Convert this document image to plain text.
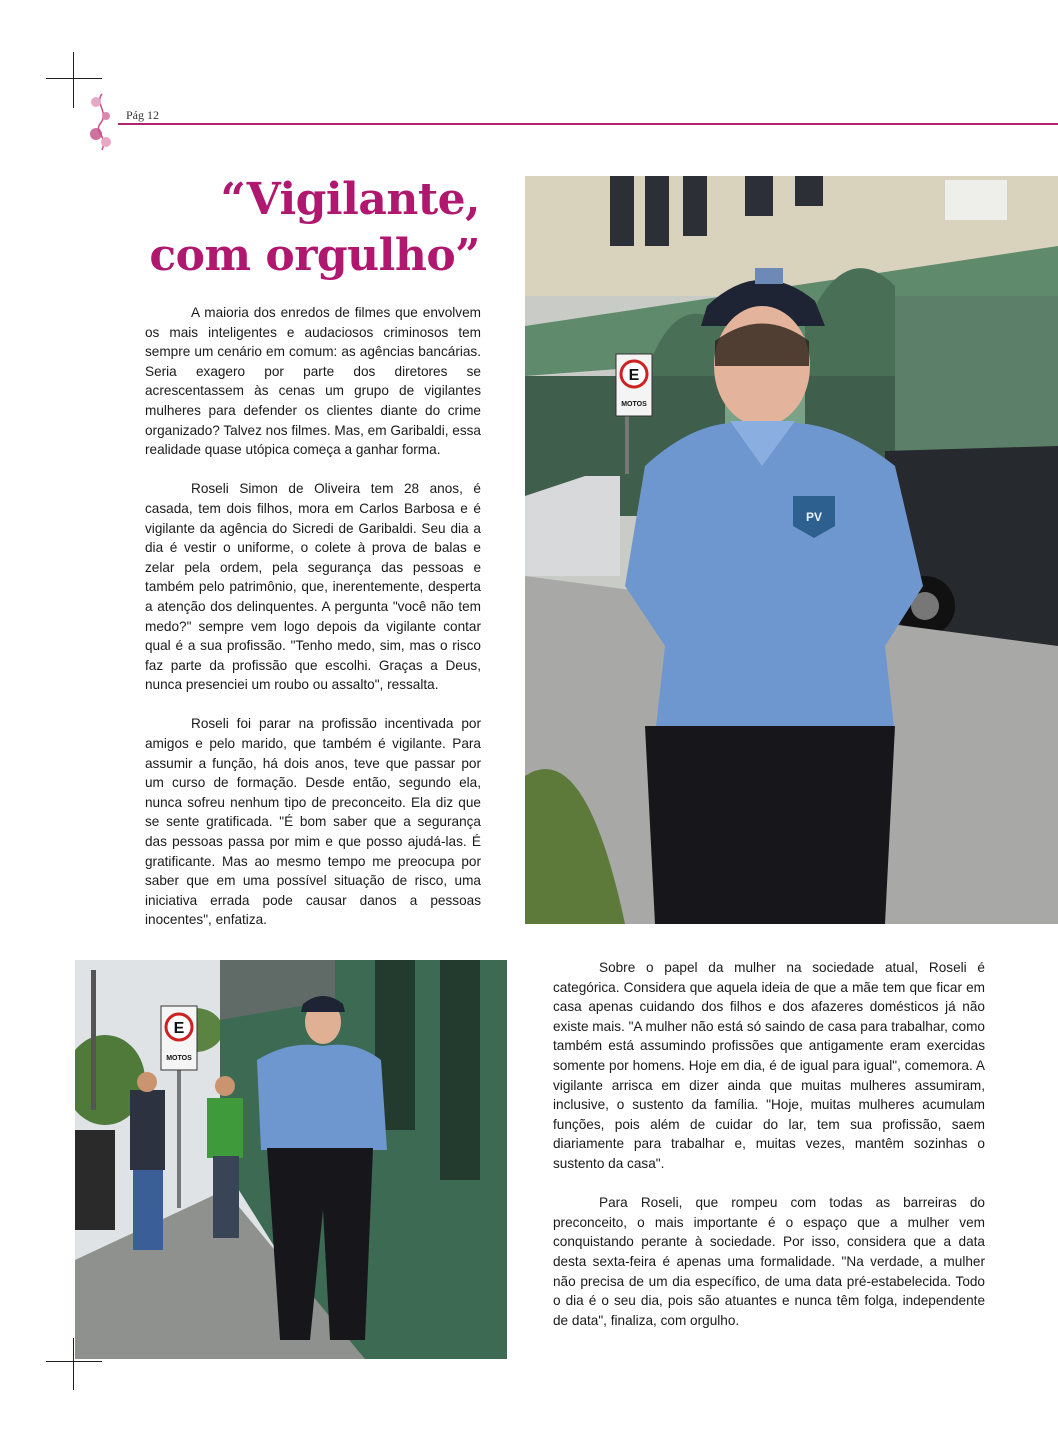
Pág 12
“Vigilante,
com orgulho”

A maioria dos enredos de filmes que envolvem os mais inteligentes e audaciosos criminosos tem sempre um cenário em comum: as agências bancárias. Seria exagero por parte dos diretores se acrescentassem às cenas um grupo de vigilantes mulheres para defender os clientes diante do crime organizado? Talvez nos filmes. Mas, em Garibaldi, essa realidade quase utópica começa a ganhar forma.

Roseli Simon de Oliveira tem 28 anos, é casada, tem dois filhos, mora em Carlos Barbosa e é vigilante da agência do Sicredi de Garibaldi. Seu dia a dia é vestir o uniforme, o colete à prova de balas e zelar pela ordem, pela segurança das pessoas e também pelo patrimônio, que, inerentemente, desperta a atenção dos delinquentes. A pergunta "você não tem medo?" sempre vem logo depois da vigilante contar qual é a sua profissão. "Tenho medo, sim, mas o risco faz parte da profissão que escolhi. Graças a Deus, nunca presenciei um roubo ou assalto", ressalta.

Roseli foi parar na profissão incentivada por amigos e pelo marido, que também é vigilante. Para assumir a função, há dois anos, teve que passar por um curso de formação. Desde então, segundo ela, nunca sofreu nenhum tipo de preconceito. Ela diz que se sente gratificada. "É bom saber que a segurança das pessoas passa por mim e que posso ajudá-las. É gratificante. Mas ao mesmo tempo me preocupa por saber que em uma possível situação de risco, uma iniciativa errada pode causar danos a pessoas inocentes", enfatiza.

Sobre o papel da mulher na sociedade atual, Roseli é categórica. Considera que aquela ideia de que a mãe tem que ficar em casa apenas cuidando dos filhos e dos afazeres domésticos já não existe mais. "A mulher não está só saindo de casa para trabalhar, como também está assumindo profissões que antigamente eram exercidas somente por homens. Hoje em dia, é de igual para igual", comemora. A vigilante arrisca em dizer ainda que muitas mulheres assumiram, inclusive, o sustento da família. "Hoje, muitas mulheres acumulam funções, pois além de cuidar do lar, tem sua profissão, saem diariamente para trabalhar e, muitas vezes, mantêm sozinhas o sustento da casa".

Para Roseli, que rompeu com todas as barreiras do preconceito, o mais importante é o espaço que a mulher vem conquistando perante à sociedade. Por isso, considera que a data desta sexta-feira é apenas uma formalidade. "Na verdade, a mulher não precisa de um dia específico, de uma data pré-estabelecida. Todo o dia é o seu dia, pois são atuantes e nunca têm folga, independente de data", finaliza, com orgulho.

E
MOTOS
PV
E
MOTOS
